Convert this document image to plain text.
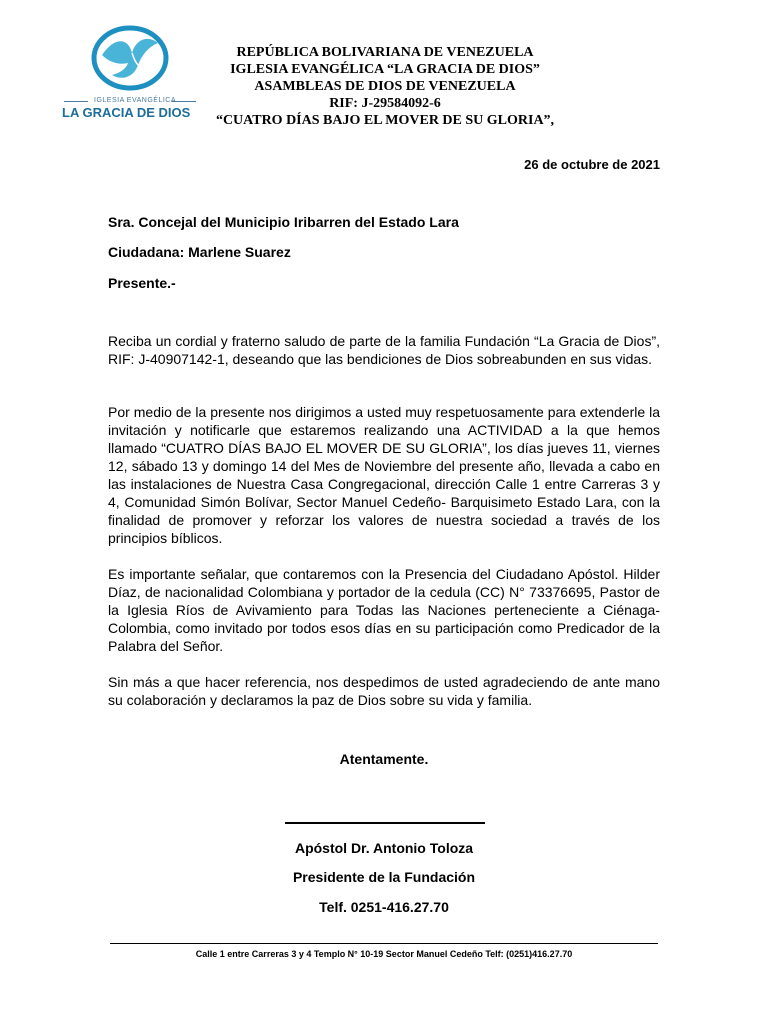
IGLESIA EVANGÉLICA
LA GRACIA DE DIOS
REPÚBLICA BOLIVARIANA DE VENEZUELA
IGLESIA EVANGÉLICA “LA GRACIA DE DIOS”
ASAMBLEAS DE DIOS DE VENEZUELA
RIF: J-29584092-6
“CUATRO DÍAS BAJO EL MOVER DE SU GLORIA”,
26 de octubre de 2021
Sra. Concejal del Municipio Iribarren del Estado Lara
Ciudadana: Marlene Suarez
Presente.-
Reciba un cordial y fraterno saludo de parte de la familia Fundación “La Gracia de Dios”, RIF: J-40907142-1, deseando que las bendiciones de Dios sobreabunden en sus vidas.
Por medio de la presente nos dirigimos a usted muy respetuosamente para extenderle la invitación y notificarle que estaremos realizando una ACTIVIDAD a la que hemos llamado “CUATRO DÍAS BAJO EL MOVER DE SU GLORIA”, los días jueves 11, viernes 12, sábado 13 y domingo 14 del Mes de Noviembre del presente año, llevada a cabo en las instalaciones de Nuestra Casa Congregacional, dirección Calle 1 entre Carreras 3 y 4, Comunidad Simón Bolívar, Sector Manuel Cedeño- Barquisimeto Estado Lara, con la finalidad de promover y reforzar los valores de nuestra sociedad a través de los principios bíblicos.
Es importante señalar, que contaremos con la Presencia del Ciudadano Apóstol. Hilder Díaz, de nacionalidad Colombiana y portador de la cedula (CC) N° 73376695, Pastor de la Iglesia Ríos de Avivamiento para Todas las Naciones perteneciente a Ciénaga-Colombia, como invitado por todos esos días en su participación como Predicador de la Palabra del Señor.
Sin más a que hacer referencia, nos despedimos de usted agradeciendo de ante mano su colaboración y declaramos la paz de Dios sobre su vida y familia.
Atentamente.
Apóstol Dr. Antonio Toloza
Presidente de la Fundación
Telf. 0251-416.27.70
Calle 1 entre Carreras 3 y 4 Templo N° 10-19 Sector Manuel Cedeño Telf: (0251)416.27.70
